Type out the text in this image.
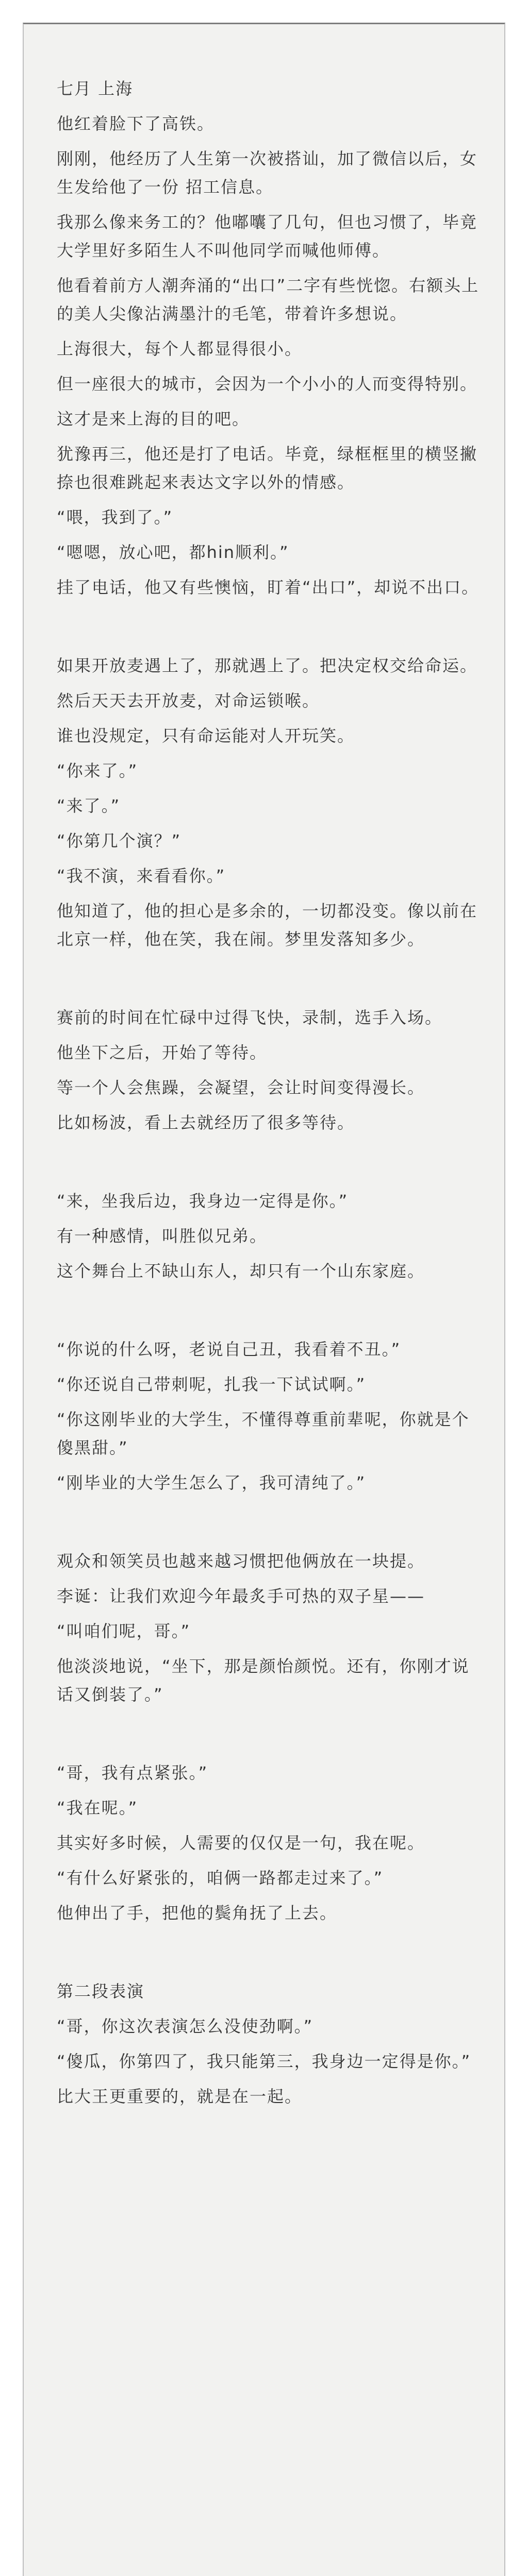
七月 上海

他红着脸下了高铁。

刚刚，他经历了人生第一次被搭讪，加了微信以后，女生发给他了一份 招工信息。

我那么像来务工的？他嘟囔了几句，但也习惯了，毕竟大学里好多陌生人不叫他同学而喊他师傅。

他看着前方人潮奔涌的“出口”二字有些恍惚。右额头上的美人尖像沾满墨汁的毛笔，带着许多想说。

上海很大，每个人都显得很小。

但一座很大的城市，会因为一个小小的人而变得特别。

这才是来上海的目的吧。

犹豫再三，他还是打了电话。毕竟，绿框框里的横竖撇捺也很难跳起来表达文字以外的情感。

“喂，我到了。”

“嗯嗯，放心吧，都hin顺利。”

挂了电话，他又有些懊恼，盯着“出口”，却说不出口。

如果开放麦遇上了，那就遇上了。把决定权交给命运。

然后天天去开放麦，对命运锁喉。

谁也没规定，只有命运能对人开玩笑。

“你来了。”

“来了。”

“你第几个演？”

“我不演，来看看你。”

他知道了，他的担心是多余的，一切都没变。像以前在北京一样，他在笑，我在闹。梦里发落知多少。

赛前的时间在忙碌中过得飞快，录制，选手入场。

他坐下之后，开始了等待。

等一个人会焦躁，会凝望，会让时间变得漫长。

比如杨波，看上去就经历了很多等待。

“来，坐我后边，我身边一定得是你。”

有一种感情，叫胜似兄弟。

这个舞台上不缺山东人，却只有一个山东家庭。

“你说的什么呀，老说自己丑，我看着不丑。”

“你还说自己带刺呢，扎我一下试试啊。”

“你这刚毕业的大学生，不懂得尊重前辈呢，你就是个傻黑甜。”

“刚毕业的大学生怎么了，我可清纯了。”

观众和领笑员也越来越习惯把他俩放在一块提。

李诞：让我们欢迎今年最炙手可热的双子星——

“叫咱们呢，哥。”

他淡淡地说，“坐下，那是颜怡颜悦。还有，你刚才说话又倒装了。”

“哥，我有点紧张。”

“我在呢。”

其实好多时候，人需要的仅仅是一句，我在呢。

“有什么好紧张的，咱俩一路都走过来了。”

他伸出了手，把他的鬓角抚了上去。

第二段表演

“哥，你这次表演怎么没使劲啊。”

“傻瓜，你第四了，我只能第三，我身边一定得是你。”

比大王更重要的，就是在一起。
